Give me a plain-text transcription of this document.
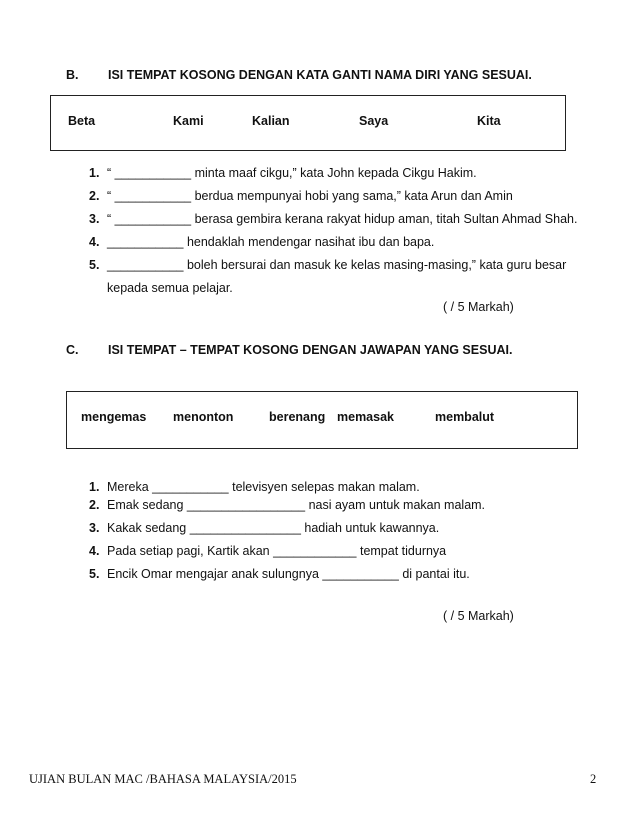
B. ISI TEMPAT KOSONG DENGAN KATA GANTI NAMA DIRI YANG SESUAI.
Beta	Kami	Kalian	Saya	Kita
1. “ ___________ minta maaf cikgu,” kata John kepada Cikgu Hakim.
2. “ ___________ berdua mempunyai hobi yang sama,” kata Arun dan Amin
3. “ ___________ berasa gembira kerana rakyat hidup aman, titah Sultan Ahmad Shah.
4. ___________ hendaklah mendengar nasihat ibu dan bapa.
5. ___________ boleh bersurai dan masuk ke kelas masing-masing,” kata guru besar
kepada semua pelajar.
( / 5 Markah)
C. ISI TEMPAT – TEMPAT KOSONG DENGAN JAWAPAN YANG SESUAI.
mengemas menonton	berenang memasak	membalut
1. Mereka ___________ televisyen selepas makan malam.
2. Emak sedang _________________ nasi ayam untuk makan malam.
3. Kakak sedang ________________ hadiah untuk kawannya.
4. Pada setiap pagi, Kartik akan ____________ tempat tidurnya
5. Encik Omar mengajar anak sulungnya ___________ di pantai itu.
( / 5 Markah)
UJIAN BULAN MAC /BAHASA MALAYSIA/2015	2
